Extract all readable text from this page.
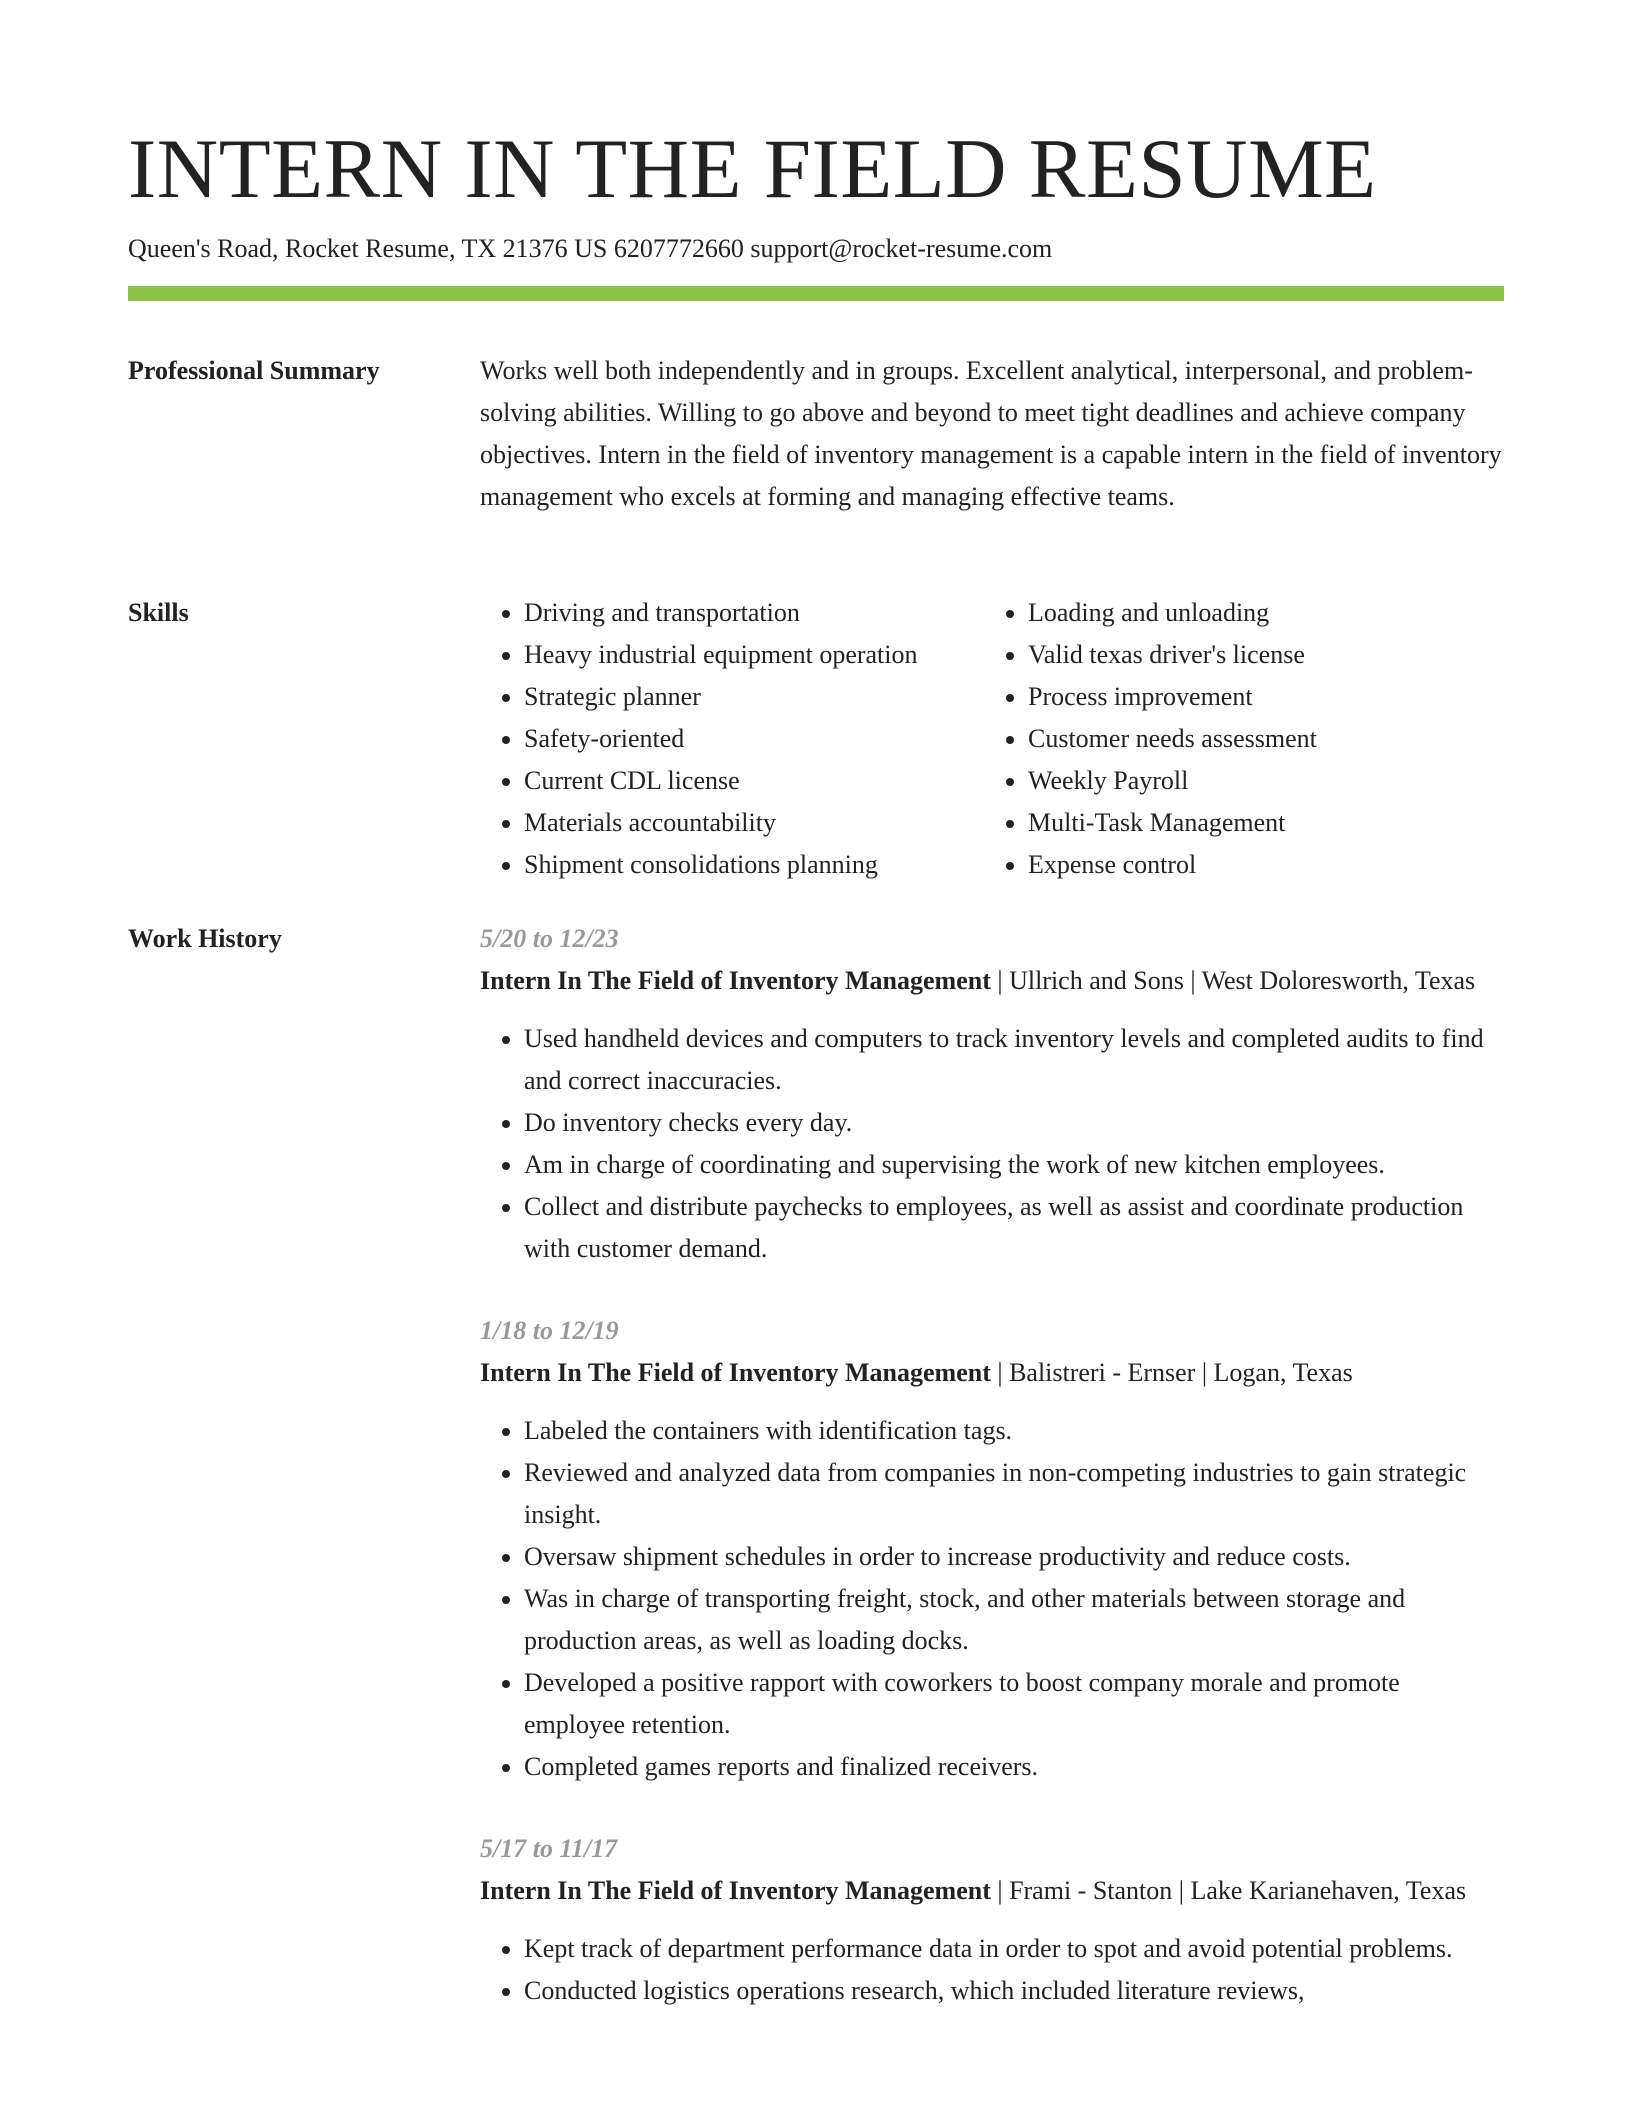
INTERN IN THE FIELD RESUME
Queen's Road, Rocket Resume, TX 21376 US 6207772660 support@rocket-resume.com
Professional Summary	Works well both independently and in groups. Excellent analytical, interpersonal, and problem-solving abilities. Willing to go above and beyond to meet tight deadlines and achieve company objectives. Intern in the field of inventory management is a capable intern in the field of inventory management who excels at forming and managing effective teams.

Skills
•	Driving and transportation
• Heavy industrial equipment operation
• Strategic planner
• Safety-oriented
• Current CDL license
• Materials accountability
• Shipment consolidations planning
• Loading and unloading
• Valid texas driver's license
• Process improvement
• Customer needs assessment
• Weekly Payroll
• Multi-Task Management
• Expense control
Work History	5/20 to 12/23
Intern In The Field of Inventory Management | Ullrich and Sons | West Doloresworth, Texas
• Used handheld devices and computers to track inventory levels and completed audits to find and correct inaccuracies.
• Do inventory checks every day.
• Am in charge of coordinating and supervising the work of new kitchen employees.
• Collect and distribute paychecks to employees, as well as assist and coordinate production with customer demand.
1/18 to 12/19
Intern In The Field of Inventory Management | Balistreri - Ernser | Logan, Texas
• Labeled the containers with identification tags.
• Reviewed and analyzed data from companies in non-competing industries to gain strategic insight.
• Oversaw shipment schedules in order to increase productivity and reduce costs.
• Was in charge of transporting freight, stock, and other materials between storage and production areas, as well as loading docks.
• Developed a positive rapport with coworkers to boost company morale and promote employee retention.
• Completed games reports and finalized receivers.
5/17 to 11/17
Intern In The Field of Inventory Management | Frami - Stanton | Lake Karianehaven, Texas
• Kept track of department performance data in order to spot and avoid potential problems.
• Conducted logistics operations research, which included literature reviews,
